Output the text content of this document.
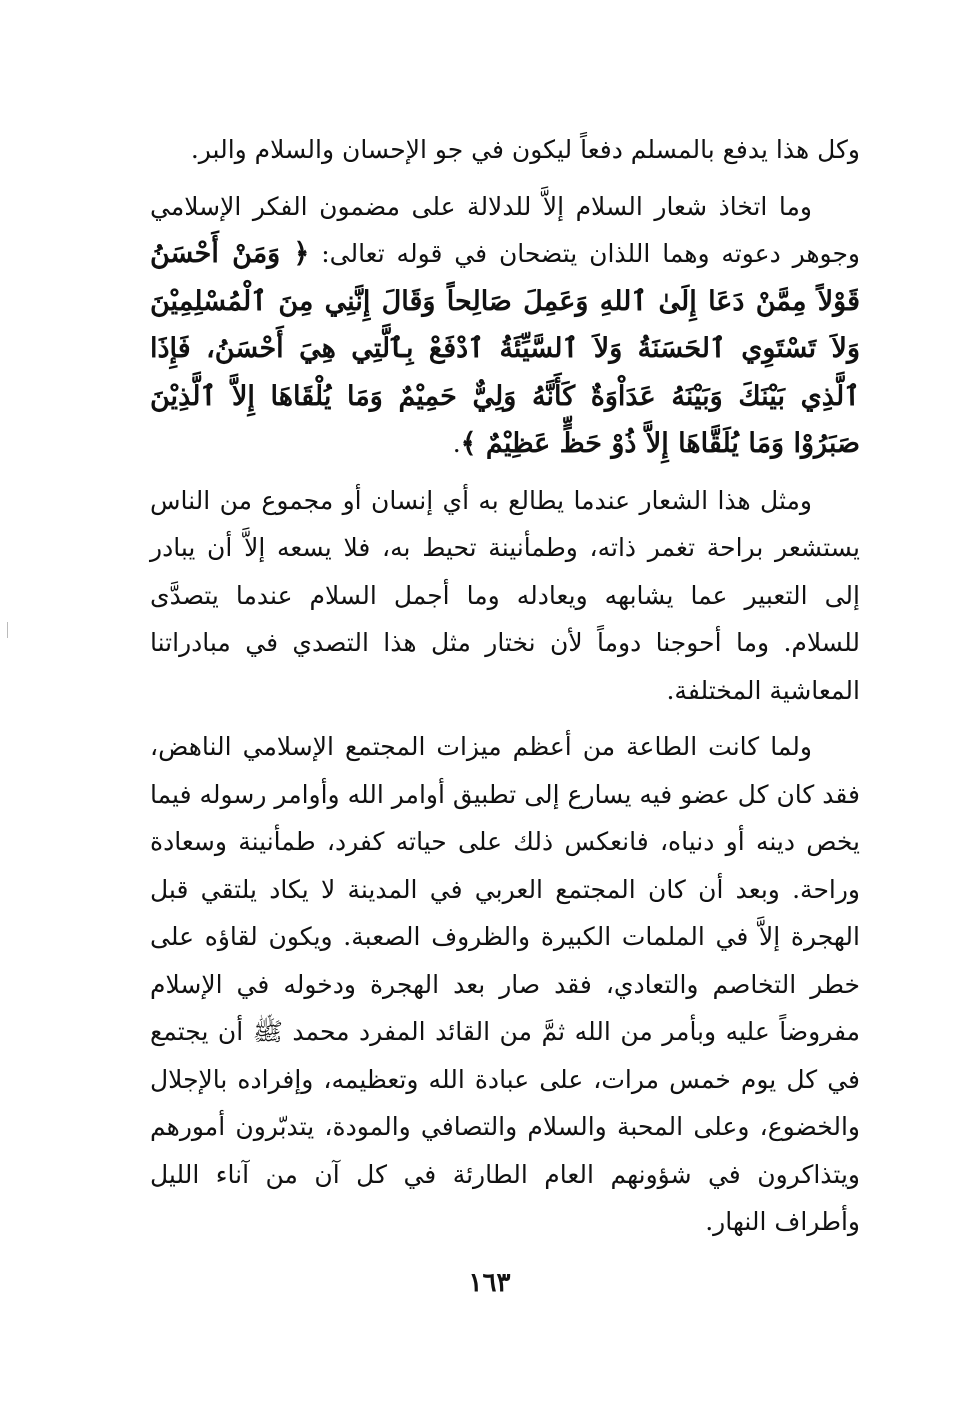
وكل هذا يدفع بالمسلم دفعاً ليكون في جو الإحسان والسلام والبر.

وما اتخاذ شعار السلام إلاَّ للدلالة على مضمون الفكر الإسلامي وجوهر دعوته وهما اللذان يتضحان في قوله تعالى: ﴿ وَمَنْ أَحْسَنُ قَوْلاً مِمَّنْ دَعَا إِلَىٰ ٱللهِ وَعَمِلَ صَالِحاً وَقَالَ إِنَّنِي مِنَ ٱلْمُسْلِمِيْنَ وَلاَ تَسْتَوِي ٱلحَسَنَةُ وَلاَ ٱلسَّيِّئَةُ ٱدْفَعْ بِٱلَّتِي هِيَ أَحْسَنُ، فَإِذَا ٱلَّذِي بَيْنَكَ وَبَيْنَهُ عَدَاْوَةٌ كَأَنَّهُ وَلِيٌّ حَمِيْمٌ وَمَا يُلْقَاهَا إِلاَّ ٱلَّذِيْنَ صَبَرُوْا وَمَا يُلَقَّاهَا إِلاَّ ذُوْ حَظٍّ عَظِيْمٌ ﴾.

ومثل هذا الشعار عندما يطالع به أي إنسان أو مجموع من الناس يستشعر براحة تغمر ذاته، وطمأنينة تحيط به، فلا يسعه إلاَّ أن يبادر إلى التعبير عما يشابهه ويعادله وما أجمل السلام عندما يتصدَّى للسلام. وما أحوجنا دوماً لأن نختار مثل هذا التصدي في مبادراتنا المعاشية المختلفة.

ولما كانت الطاعة من أعظم ميزات المجتمع الإسلامي الناهض، فقد كان كل عضو فيه يسارع إلى تطبيق أوامر الله وأوامر رسوله فيما يخص دينه أو دنياه، فانعكس ذلك على حياته كفرد، طمأنينة وسعادة وراحة. وبعد أن كان المجتمع العربي في المدينة لا يكاد يلتقي قبل الهجرة إلاَّ في الملمات الكبيرة والظروف الصعبة. ويكون لقاؤه على خطر التخاصم والتعادي، فقد صار بعد الهجرة ودخوله في الإسلام مفروضاً عليه وبأمر من الله ثمَّ من القائد المفرد محمد ﷺ أن يجتمع في كل يوم خمس مرات، على عبادة الله وتعظيمه، وإفراده بالإجلال والخضوع، وعلى المحبة والسلام والتصافي والمودة، يتدبّرون أمورهم ويتذاكرون في شؤونهم العام الطارئة في كل آن من آناء الليل وأطراف النهار.

١٦٣
